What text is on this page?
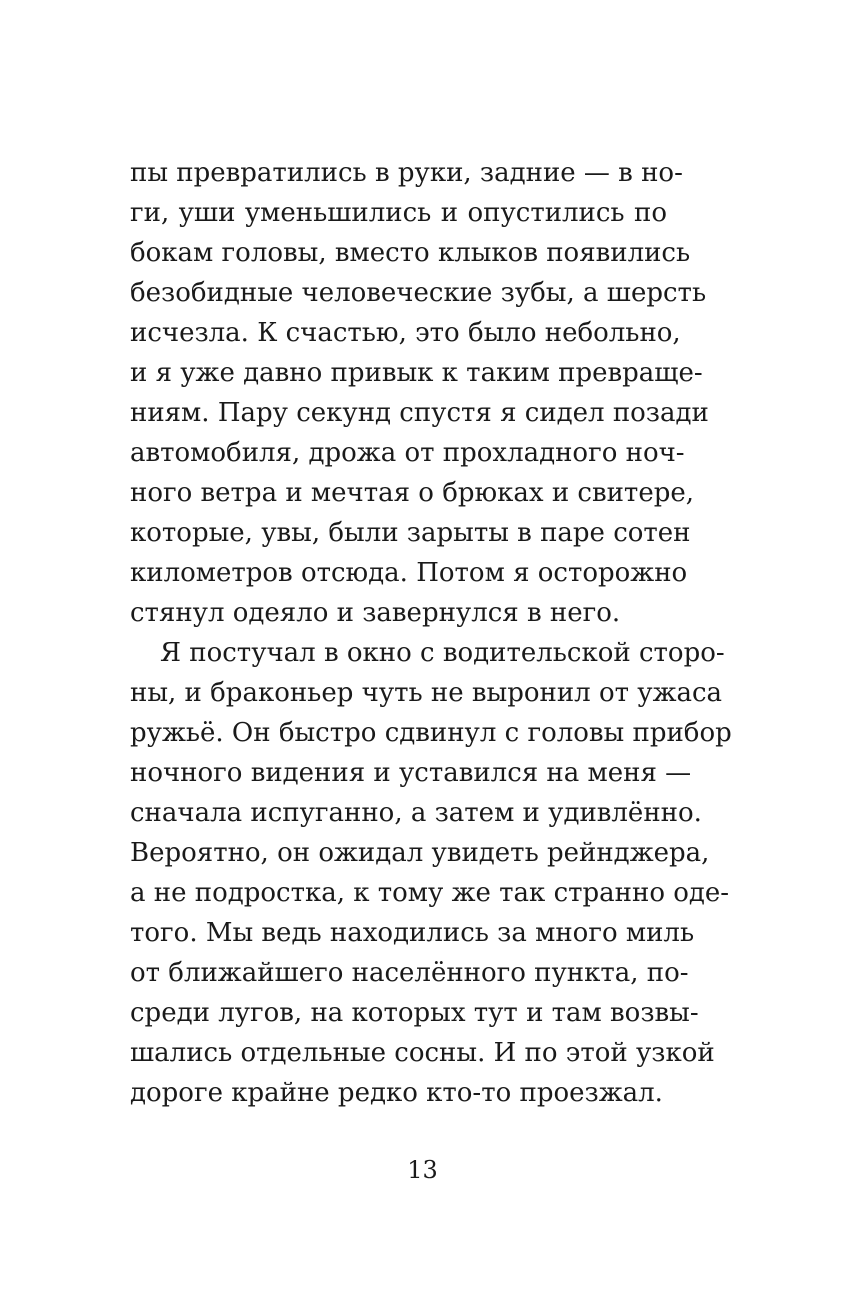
пы превратились в руки, задние — в но-
ги, уши уменьшились и опустились по
бокам головы, вместо клыков появились
безобидные человеческие зубы, а шерсть
исчезла. К счастью, это было небольно,
и я уже давно привык к таким превраще-
ниям. Пару секунд спустя я сидел позади
автомобиля, дрожа от прохладного ноч-
ного ветра и мечтая о брюках и свитере,
которые, увы, были зарыты в паре сотен
километров отсюда. Потом я осторожно
стянул одеяло и завернулся в него.
Я постучал в окно с водительской сторо-
ны, и браконьер чуть не выронил от ужаса
ружьё. Он быстро сдвинул с головы прибор
ночного видения и уставился на меня —
сначала испуганно, а затем и удивлённо.
Вероятно, он ожидал увидеть рейнджера,
а не подростка, к тому же так странно оде-
того. Мы ведь находились за много миль
от ближайшего населённого пункта, по-
среди лугов, на которых тут и там возвы-
шались отдельные сосны. И по этой узкой
дороге крайне редко кто-то проезжал.
13
